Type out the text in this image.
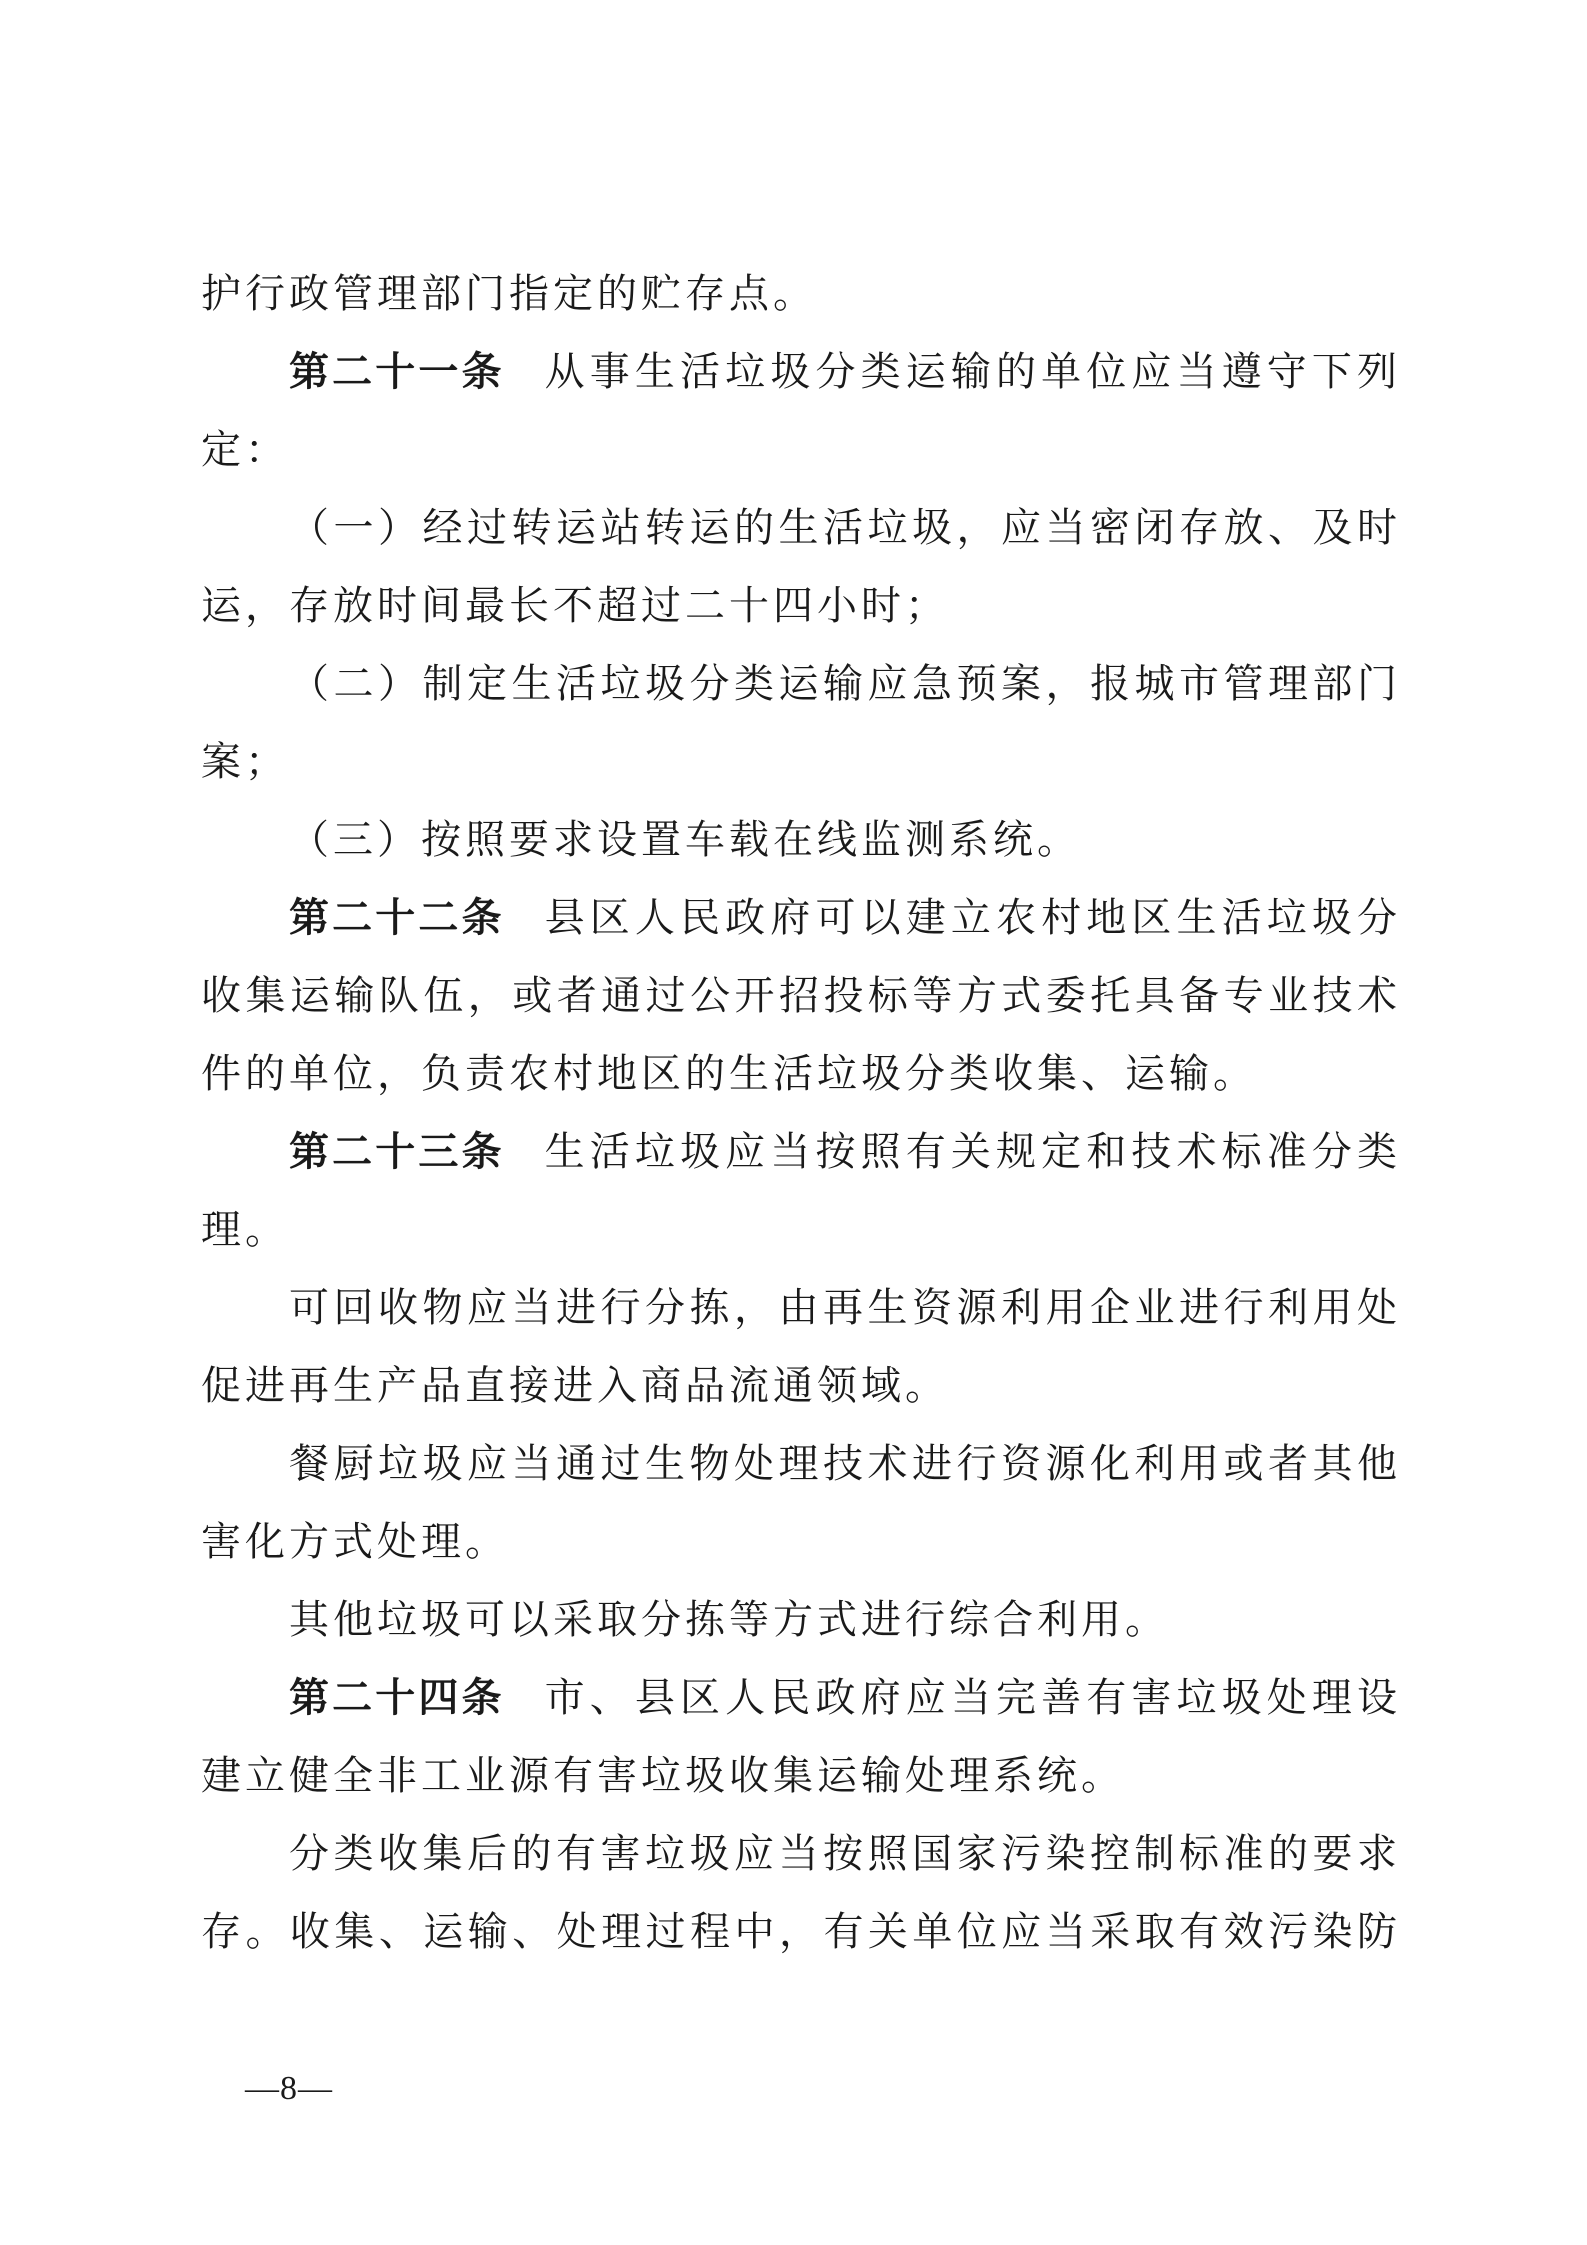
护行政管理部门指定的贮存点。
第二十一条 从事生活垃圾分类运输的单位应当遵守下列
定：
（一）经过转运站转运的生活垃圾，应当密闭存放、及时
运，存放时间最长不超过二十四小时；
（二）制定生活垃圾分类运输应急预案，报城市管理部门
案；
（三）按照要求设置车载在线监测系统。
第二十二条 县区人民政府可以建立农村地区生活垃圾分
收集运输队伍，或者通过公开招投标等方式委托具备专业技术
件的单位，负责农村地区的生活垃圾分类收集、运输。
第二十三条 生活垃圾应当按照有关规定和技术标准分类
理。
可回收物应当进行分拣，由再生资源利用企业进行利用处
促进再生产品直接进入商品流通领域。
餐厨垃圾应当通过生物处理技术进行资源化利用或者其他
害化方式处理。
其他垃圾可以采取分拣等方式进行综合利用。
第二十四条 市、县区人民政府应当完善有害垃圾处理设
建立健全非工业源有害垃圾收集运输处理系统。
分类收集后的有害垃圾应当按照国家污染控制标准的要求
存。收集、运输、处理过程中，有关单位应当采取有效污染防
—8—
